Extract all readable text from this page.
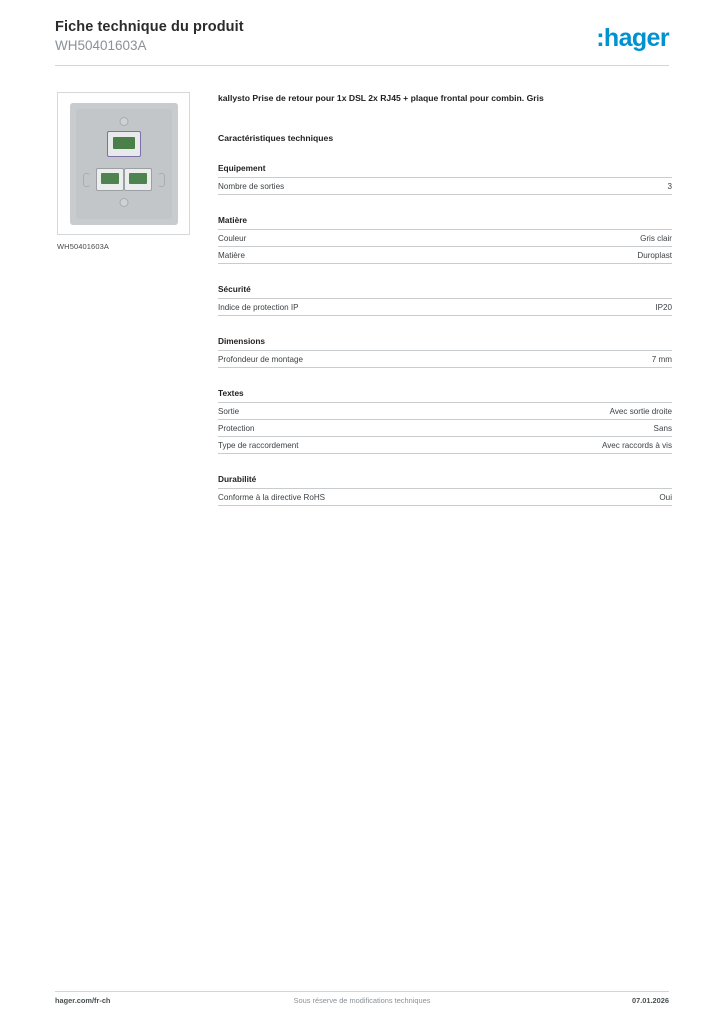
Fiche technique du produit
WH50401603A	:hager
WH50401603A
kallysto Prise de retour pour 1x DSL 2x RJ45 + plaque frontal pour combin. Gris
Caractéristiques techniques
Equipement
Nombre de sorties	3
Matière
Couleur	Gris clair
Matière	Duroplast
Sécurité
Indice de protection IP	IP20
Dimensions
Profondeur de montage	7 mm
Textes
Sortie	Avec sortie droite
Protection	Sans
Type de raccordement	Avec raccords à vis
Durabilité
Conforme à la directive RoHS	Oui
hager.com/fr-ch	Sous réserve de modifications techniques	07.01.2026
